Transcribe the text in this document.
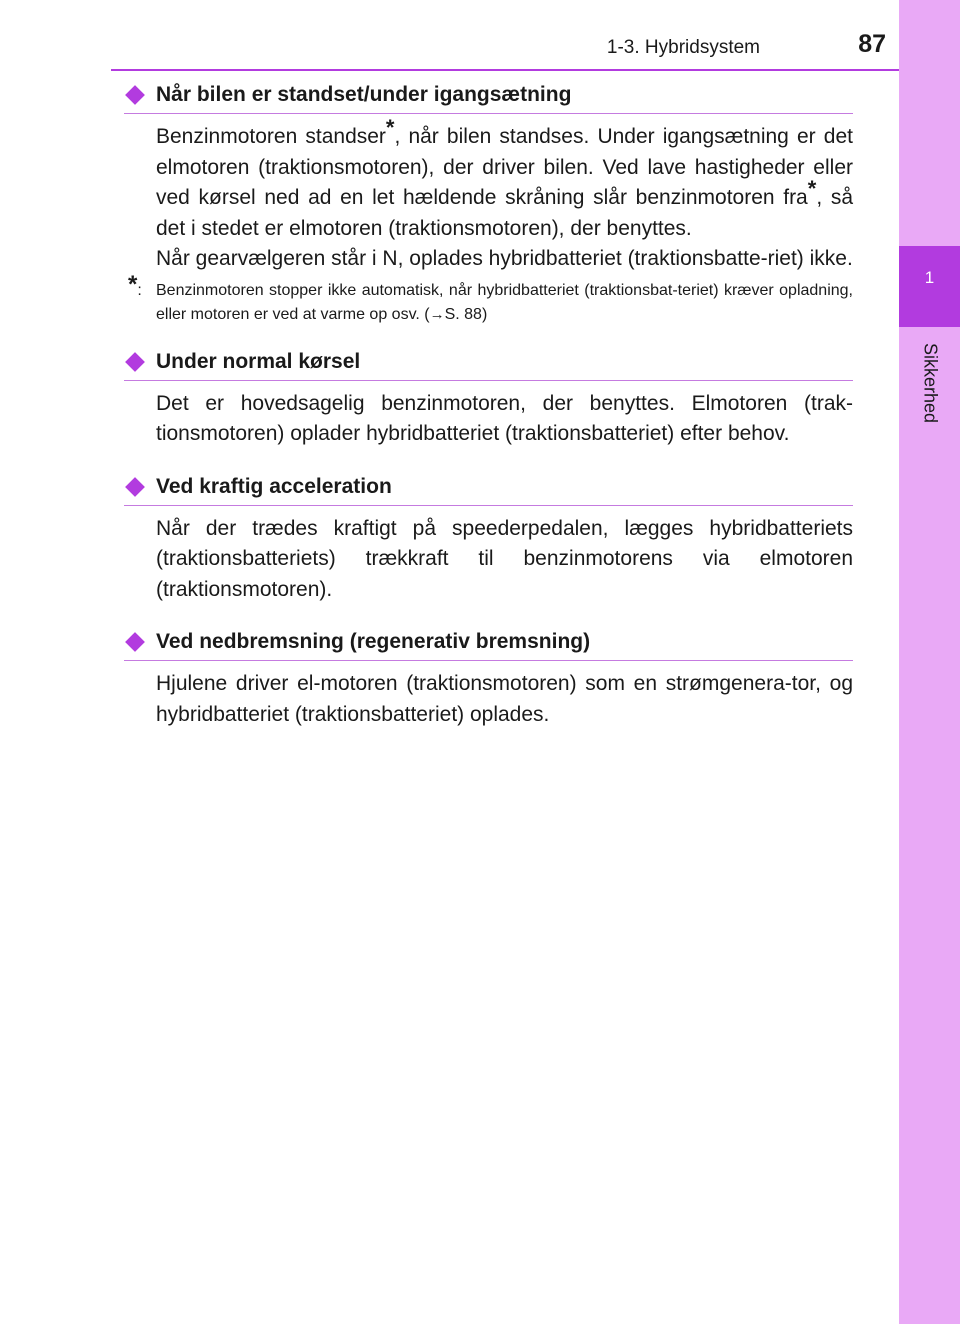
1
Sikkerhed
1-3. Hybridsystem	87
Når bilen er standset/under igangsætning

Benzinmotoren standser*, når bilen standses. Under igangsætning er det elmotoren (traktionsmotoren), der driver bilen. Ved lave hastigheder eller ved kørsel ned ad en let hældende skråning slår benzinmotoren fra*, så det i stedet er elmotoren (traktionsmotoren), der benyttes.

Når gearvælgeren står i N, oplades hybridbatteriet (traktionsbatte-riet) ikke.

*: Benzinmotoren stopper ikke automatisk, når hybridbatteriet (traktionsbat-teriet) kræver opladning, eller motoren er ved at varme op osv. (→S. 88)
Under normal kørsel

Det er hovedsagelig benzinmotoren, der benyttes. Elmotoren (trak-tionsmotoren) oplader hybridbatteriet (traktionsbatteriet) efter behov.

Ved kraftig acceleration

Når der trædes kraftigt på speederpedalen, lægges hybridbatteriets (traktionsbatteriets) trækkraft til benzinmotorens via elmotoren (traktionsmotoren).

Ved nedbremsning (regenerativ bremsning)

Hjulene driver el-motoren (traktionsmotoren) som en strømgenera-tor, og hybridbatteriet (traktionsbatteriet) oplades.
